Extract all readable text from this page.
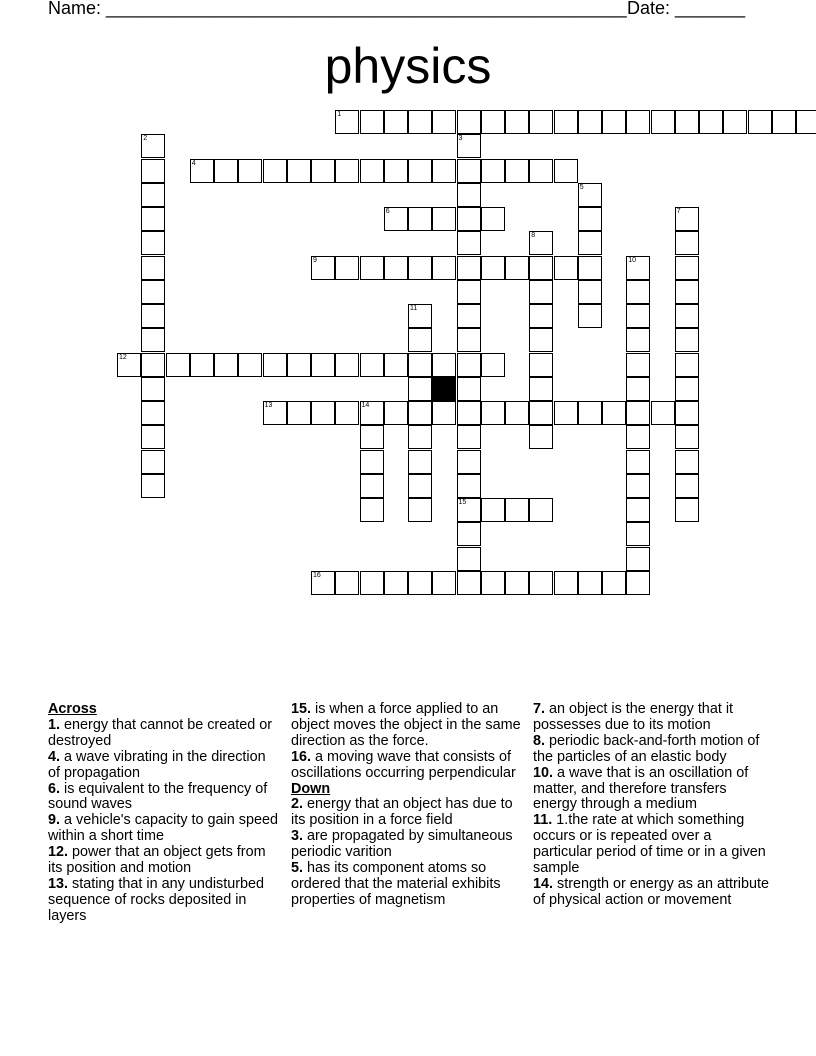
Name: ____________________________________________________ Date: _______
physics
1
2	3
15
4
5
6	7
8
9	10
11
12
13	14
16
Across
1. energy that cannot be created or destroyed
4. a wave vibrating in the direction of propagation
6. is equivalent to the frequency of sound waves
9. a vehicle's capacity to gain speed within a short time
12. power that an object gets from its position and motion
13. stating that in any undisturbed sequence of rocks deposited in layers
15. is when a force applied to an object moves the object in the same direction as the force.
16. a moving wave that consists of oscillations occurring perpendicular
Down
2. energy that an object has due to its position in a force field
3. are propagated by simultaneous periodic varition
5. has its component atoms so ordered that the material exhibits properties of magnetism
7. an object is the energy that it possesses due to its motion
8. periodic back-and-forth motion of the particles of an elastic body
10. a wave that is an oscillation of matter, and therefore transfers energy through a medium
11. 1.the rate at which something occurs or is repeated over a particular period of time or in a given sample
14. strength or energy as an attribute of physical action or movement
